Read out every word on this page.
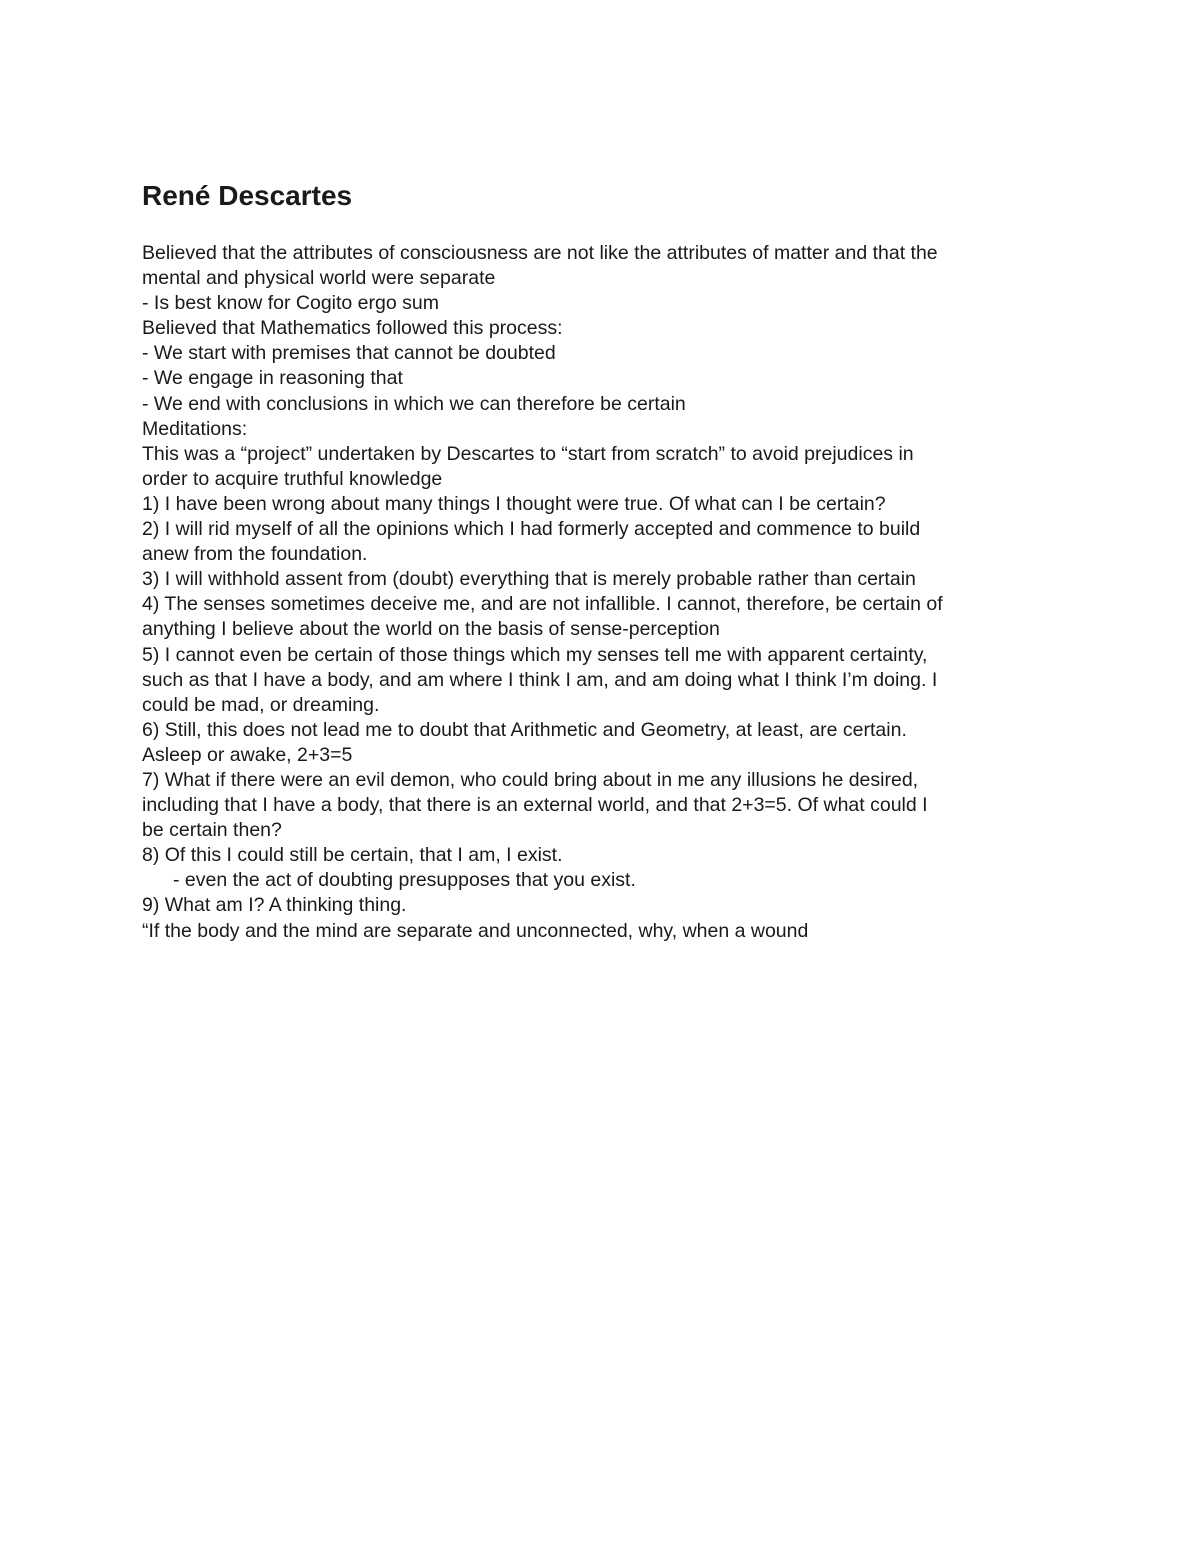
René Descartes
Believed that the attributes of consciousness are not like the attributes of matter and that the
mental and physical world were separate
- Is best know for Cogito ergo sum
Believed that Mathematics followed this process:
- We start with premises that cannot be doubted
- We engage in reasoning that
- We end with conclusions in which we can therefore be certain
Meditations:
This was a “project” undertaken by Descartes to “start from scratch” to avoid prejudices in
order to acquire truthful knowledge
1) I have been wrong about many things I thought were true. Of what can I be certain?
2) I will rid myself of all the opinions which I had formerly accepted and commence to build
anew from the foundation.
3) I will withhold assent from (doubt) everything that is merely probable rather than certain
4) The senses sometimes deceive me, and are not infallible. I cannot, therefore, be certain of
anything I believe about the world on the basis of sense-perception
5) I cannot even be certain of those things which my senses tell me with apparent certainty,
such as that I have a body, and am where I think I am, and am doing what I think I’m doing. I
could be mad, or dreaming.
6) Still, this does not lead me to doubt that Arithmetic and Geometry, at least, are certain.
Asleep or awake, 2+3=5
7) What if there were an evil demon, who could bring about in me any illusions he desired,
including that I have a body, that there is an external world, and that 2+3=5. Of what could I
be certain then?
8) Of this I could still be certain, that I am, I exist.
- even the act of doubting presupposes that you exist.
9) What am I? A thinking thing.
“If the body and the mind are separate and unconnected, why, when a wound
